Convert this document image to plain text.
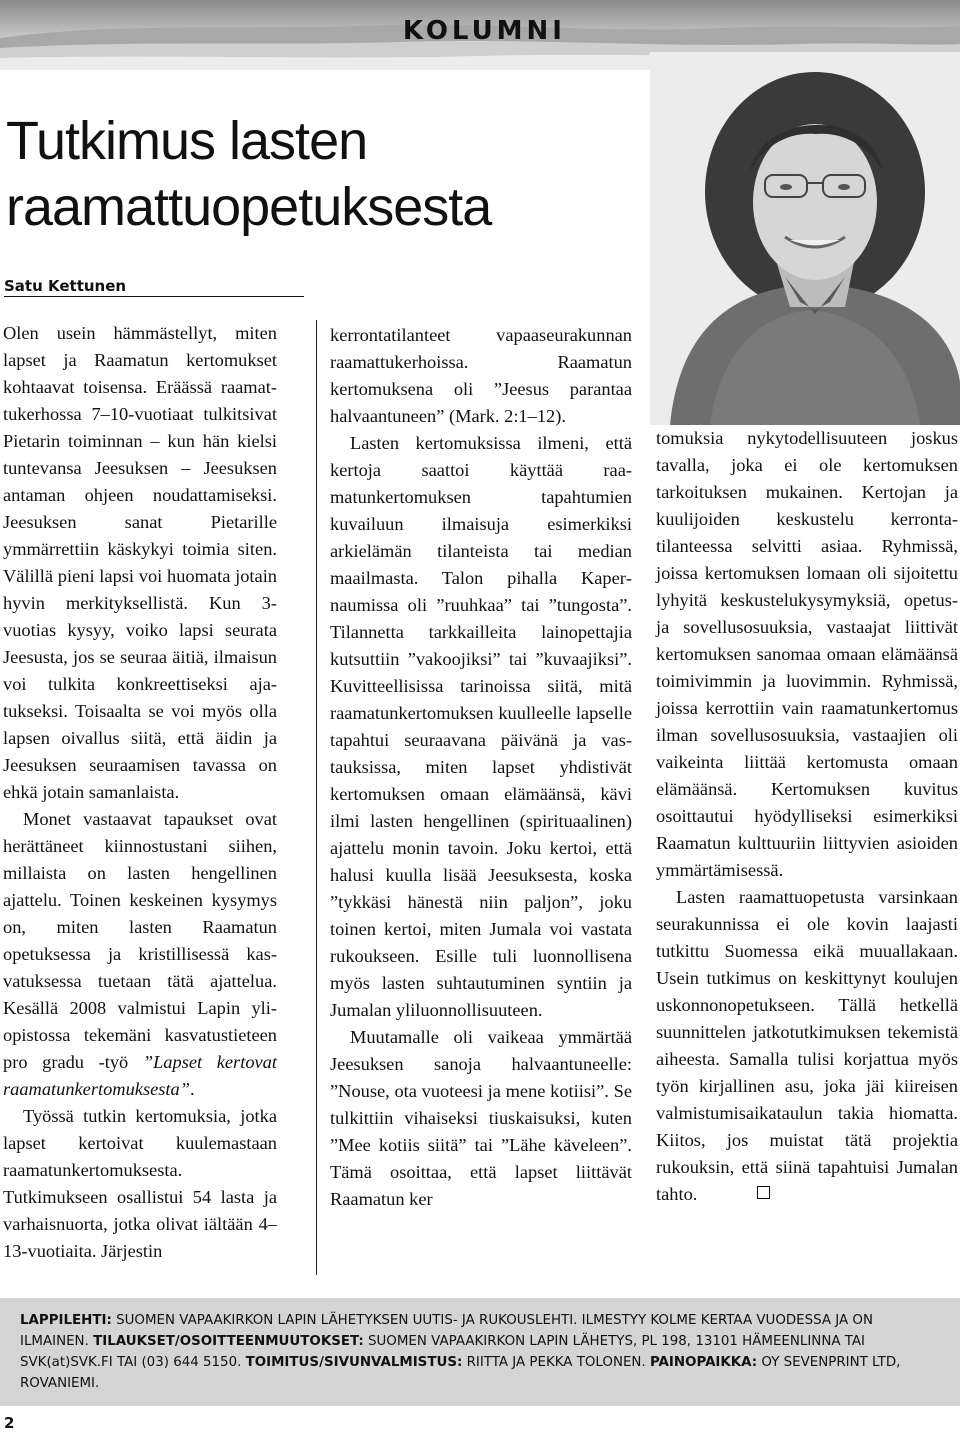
KOLUMNI
Tutkimus lasten
raamattuopetuksesta
Satu Kettunen

Olen usein hämmästellyt, miten lapset ja Raamatun kertomukset kohtaavat toisensa. Eräässä raamattukerhossa 7–10-vuotiaat tulkitsivat Pietarin toiminnan – kun hän kielsi tuntevansa Jeesuksen – Jeesuksen antaman ohjeen noudattamiseksi. Jeesuksen sanat Pietarille ymmärrettiin käskykyi toimia siten. Välillä pieni lapsi voi huomata jotain hyvin merkityksellistä. Kun 3-vuotias kysyy, voiko lapsi seurata Jeesusta, jos se seuraa äitiä, ilmaisun voi tulkita konkreettiseksi ajatukseksi. Toisaalta se voi myös olla lapsen oivallus siitä, että äidin ja Jeesuksen seuraamisen tavassa on ehkä jotain samanlaista.

Monet vastaavat tapaukset ovat herättäneet kiinnostustani siihen, millaista on lasten hengellinen ajattelu. Toinen keskeinen kysymys on, miten lasten Raamatun opetuksessa ja kristillisessä kasvatuksessa tuetaan tätä ajattelua. Kesällä 2008 valmistui Lapin yliopistossa tekemäni kasvatustieteen pro gradu -työ ”Lapset kertovat raamatunkertomuksesta”.

Työssä tutkin kertomuksia, jotka lapset kertoivat kuulemastaan raamatunkertomuksesta. Tutkimukseen osallistui 54 lasta ja varhaisnuorta, jotka olivat iältään 4–13-vuotiaita. Järjestin

kerrontatilanteet vapaaseurakunnan raamattukerhoissa. Raamatun kertomuksena oli ”Jeesus parantaa halvaantuneen” (Mark. 2:1–12).

Lasten kertomuksissa ilmeni, että kertoja saattoi käyttää raamatunkertomuksen tapahtumien kuvailuun ilmaisuja esimerkiksi arkielämän tilanteista tai median maailmasta. Talon pihalla Kapernaumissa oli ”ruuhkaa” tai ”tungosta”. Tilannetta tarkkailleita lainopettajia kutsuttiin ”vakoojiksi” tai ”kuvaajiksi”. Kuvitteellisissa tarinoissa siitä, mitä raamatunkertomuksen kuulleelle lapselle tapahtui seuraavana päivänä ja vastauksissa, miten lapset yhdistivät kertomuksen omaan elämäänsä, kävi ilmi lasten hengellinen (spirituaalinen) ajattelu monin tavoin. Joku kertoi, että halusi kuulla lisää Jeesuksesta, koska ”tykkäsi hänestä niin paljon”, joku toinen kertoi, miten Jumala voi vastata rukoukseen. Esille tuli luonnollisena myös lasten suhtautuminen syntiin ja Jumalan yliluonnollisuuteen.

Muutamalle oli vaikeaa ymmärtää Jeesuksen sanoja halvaantuneelle: ”Nouse, ota vuoteesi ja mene kotiisi”. Se tulkittiin vihaiseksi tiuskaisuksi, kuten ”Mee kotiis siitä” tai ”Lähe käveleen”. Tämä osoittaa, että lapset liittävät Raamatun ker

tomuksia nykytodellisuuteen joskus tavalla, joka ei ole kertomuksen tarkoituksen mukainen. Kertojan ja kuulijoiden keskustelu kerrontatilanteessa selvitti asiaa. Ryhmissä, joissa kertomuksen lomaan oli sijoitettu lyhyitä keskustelukysymyksiä, opetus- ja sovellusosuuksia, vastaajat liittivät kertomuksen sanomaa omaan elämäänsä toimivimmin ja luovimmin. Ryhmissä, joissa kerrottiin vain raamatunkertomus ilman sovellusosuuksia, vastaajien oli vaikeinta liittää kertomusta omaan elämäänsä. Kertomuksen kuvitus osoittautui hyödylliseksi esimerkiksi Raamatun kulttuuriin liittyvien asioiden ymmärtämisessä.

Lasten raamattuopetusta varsinkaan seurakunnissa ei ole kovin laajasti tutkittu Suomessa eikä muuallakaan. Usein tutkimus on keskittynyt koulujen uskonnonopetukseen. Tällä hetkellä suunnittelen jatkotutkimuksen tekemistä aiheesta. Samalla tulisi korjattua myös työn kirjallinen asu, joka jäi kiireisen valmistumisaikataulun takia hiomatta. Kiitos, jos muistat tätä projektia rukouksin, että siinä tapahtuisi Jumalan tahto.

LAPPILEHTI: SUOMEN VAPAAKIRKON LAPIN LÄHETYKSEN UUTIS- JA RUKOUSLEHTI. ILMESTYY KOLME KERTAA VUODESSA JA ON ILMAINEN. TILAUKSET/OSOITTEENMUUTOKSET: SUOMEN VAPAAKIRKON LAPIN LÄHETYS, PL 198, 13101 HÄMEENLINNA TAI SVK(at)SVK.FI TAI (03) 644 5150. TOIMITUS/SIVUNVALMISTUS: RIITTA JA PEKKA TOLONEN. PAINOPAIKKA: OY SEVENPRINT LTD, ROVANIEMI.
2
